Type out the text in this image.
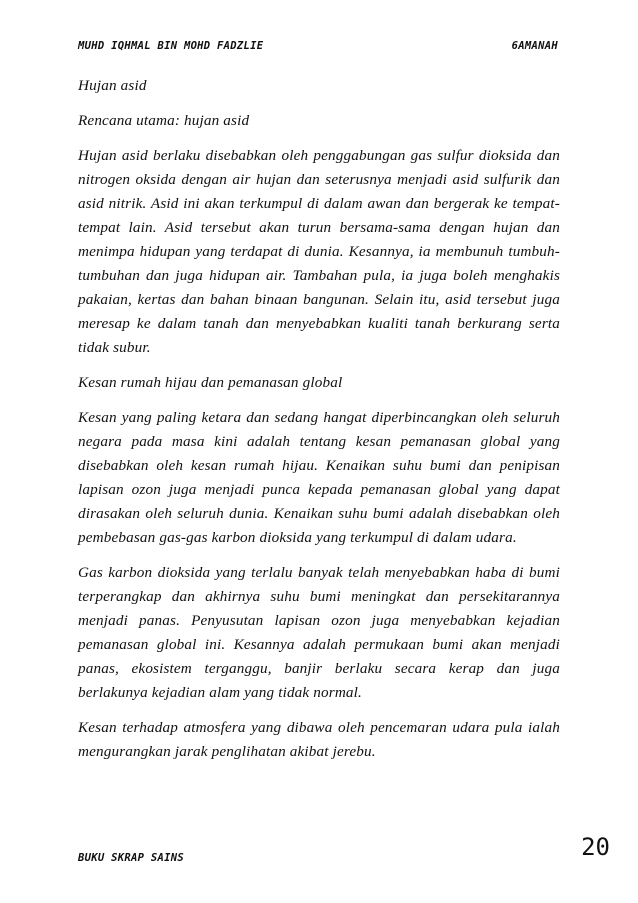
MUHD IQHMAL BIN MOHD FADZLIE	6AMANAH

Hujan asid

Rencana utama: hujan asid

Hujan asid berlaku disebabkan oleh penggabungan gas sulfur dioksida dan nitrogen oksida dengan air hujan dan seterusnya menjadi asid sulfurik dan asid nitrik. Asid ini akan terkumpul di dalam awan dan bergerak ke tempat-tempat lain. Asid tersebut akan turun bersama-sama dengan hujan dan menimpa hidupan yang terdapat di dunia. Kesannya, ia membunuh tumbuh-tumbuhan dan juga hidupan air. Tambahan pula, ia juga boleh menghakis pakaian, kertas dan bahan binaan bangunan. Selain itu, asid tersebut juga meresap ke dalam tanah dan menyebabkan kualiti tanah berkurang serta tidak subur.

Kesan rumah hijau dan pemanasan global

Kesan yang paling ketara dan sedang hangat diperbincangkan oleh seluruh negara pada masa kini adalah tentang kesan pemanasan global yang disebabkan oleh kesan rumah hijau. Kenaikan suhu bumi dan penipisan lapisan ozon juga menjadi punca kepada pemanasan global yang dapat dirasakan oleh seluruh dunia. Kenaikan suhu bumi adalah disebabkan oleh pembebasan gas-gas karbon dioksida yang terkumpul di dalam udara.

Gas karbon dioksida yang terlalu banyak telah menyebabkan haba di bumi terperangkap dan akhirnya suhu bumi meningkat dan persekitarannya menjadi panas. Penyusutan lapisan ozon juga menyebabkan kejadian pemanasan global ini. Kesannya adalah permukaan bumi akan menjadi panas, ekosistem terganggu, banjir berlaku secara kerap dan juga berlakunya kejadian alam yang tidak normal.

Kesan terhadap atmosfera yang dibawa oleh pencemaran udara pula ialah mengurangkan jarak penglihatan akibat jerebu.

BUKU SKRAP SAINS	20
